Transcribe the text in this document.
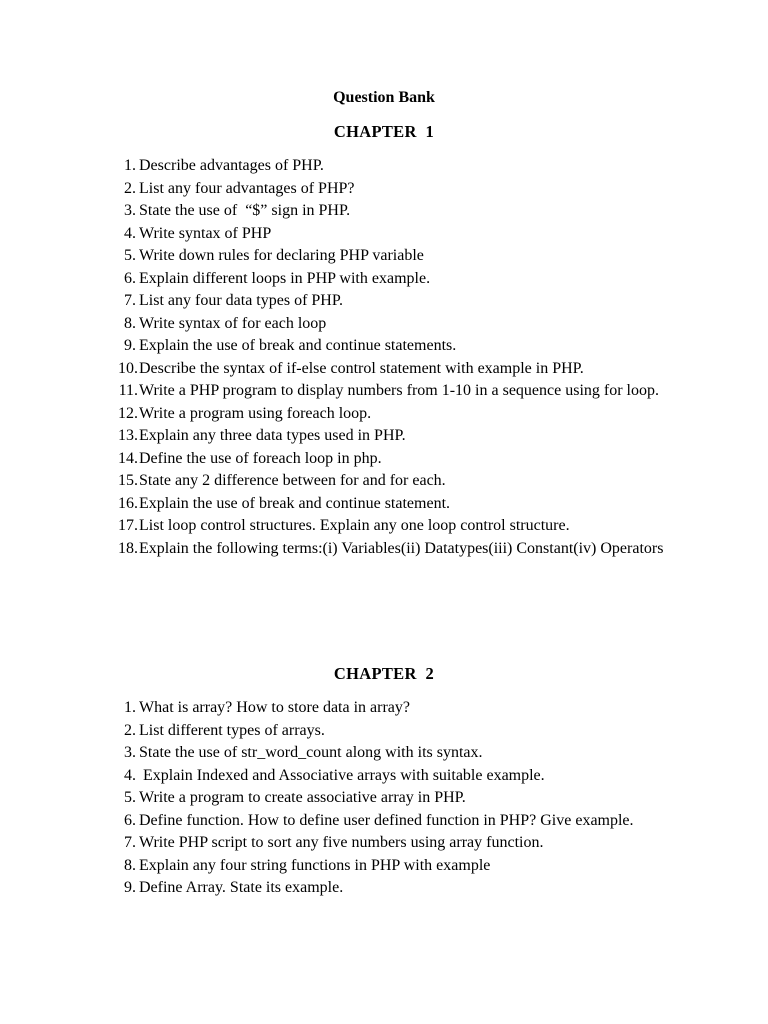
Question Bank
CHAPTER  1
1. Describe advantages of PHP.
2. List any four advantages of PHP?
3. State the use of  “$” sign in PHP.
4. Write syntax of PHP
5. Write down rules for declaring PHP variable
6. Explain different loops in PHP with example.
7. List any four data types of PHP.
8. Write syntax of for each loop
9. Explain the use of break and continue statements.
10. Describe the syntax of if-else control statement with example in PHP.
11. Write a PHP program to display numbers from 1-10 in a sequence using for loop.
12. Write a program using foreach loop.
13. Explain any three data types used in PHP.
14. Define the use of foreach loop in php.
15. State any 2 difference between for and for each.
16. Explain the use of break and continue statement.
17. List loop control structures. Explain any one loop control structure.
18. Explain the following terms:(i) Variables(ii) Datatypes(iii) Constant(iv) Operators
CHAPTER  2
1. What is array? How to store data in array?
2. List different types of arrays.
3. State the use of str_word_count along with its syntax.
4. Explain Indexed and Associative arrays with suitable example.
5. Write a program to create associative array in PHP.
6. Define function. How to define user defined function in PHP? Give example.
7. Write PHP script to sort any five numbers using array function.
8. Explain any four string functions in PHP with example
9. Define Array. State its example.
